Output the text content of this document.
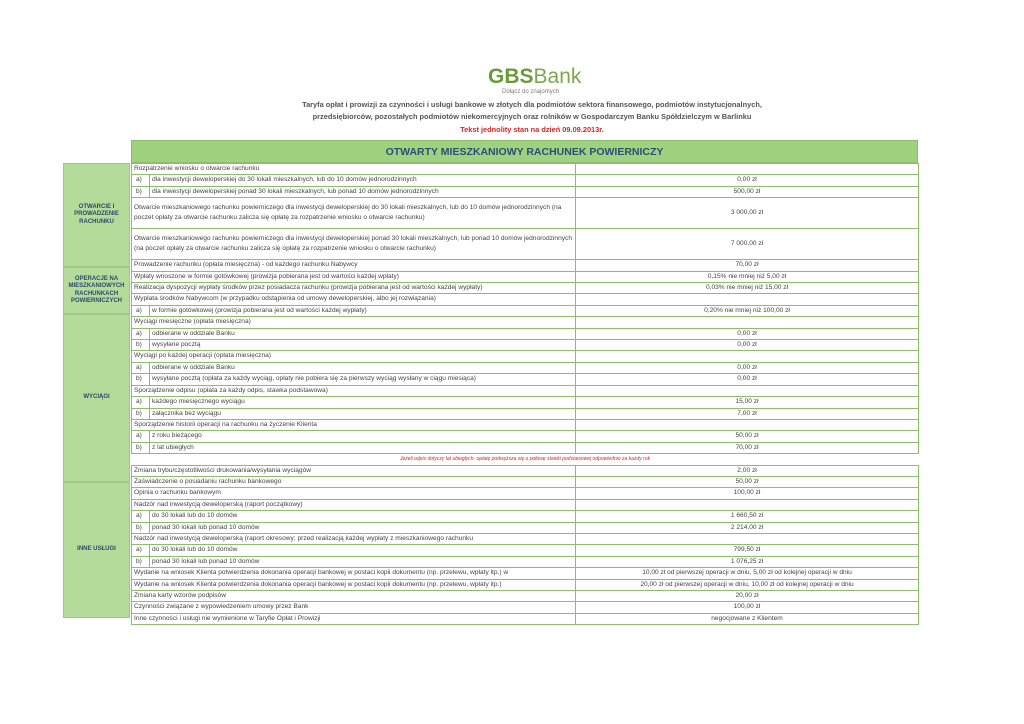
GBSBank
Dołącz do znajomych
Taryfa opłat i prowizji za czynności i usługi bankowe w złotych dla podmiotów sektora finansowego, podmiotów instytucjonalnych,
przedsiębiorców, pozostałych podmiotów niekomercyjnych oraz rolników w Gospodarczym Banku Spółdzielczym w Barlinku
Tekst jednolity stan na dzień 09.09.2013r.
OTWARCIE I PROWADZENIE RACHUNKU
OPERACJE NA MIESZKANIOWYCH RACHUNKACH POWIERNICZYCH
WYCIĄGI
INNE USŁUGI
OTWARTY MIESZKANIOWY RACHUNEK POWIERNICZY
Rozpatrzenie wniosku o otwarcie rachunku		
a)	dla inwestycji deweloperskiej do 30 lokali mieszkalnych, lub do 10 domów jednorodzinnych	0,00 zł
b)	dla inwestycji deweloperskiej ponad 30 lokali mieszkalnych, lub ponad 10 domów jednorodzinnych	500,00 zł
Otwarcie mieszkaniowego rachunku powierniczego dla inwestycji deweloperskiej do 30 lokali mieszkalnych, lub do 10 domów jednorodzinnych (na poczet opłaty za otwarcie rachunku zalicza się opłatę za rozpatrzenie wniosku o otwarcie rachunku)		3 000,00 zł
Otwarcie mieszkaniowego rachunku powierniczego dla inwestycji deweloperskiej ponad 30 lokali mieszkalnych, lub ponad 10 domów jednorodzinnych (na poczet opłaty za otwarcie rachunku zalicza się opłatę za rozpatrzenie wniosku o otwarcie rachunku)		7 000,00 zł
Prowadzenie rachunku (opłata miesięczna) - od każdego rachunku Nabywcy		70,00 zł
Wpłaty wnoszone w formie gotówkowej (prowizja pobierana jest od wartości każdej wpłaty)		0,15% nie mniej niż 5,00 zł
Realizacja dyspozycji wypłaty środków przez posiadacza rachunku (prowizja pobierana jest od wartości każdej wypłaty)		0,03% nie mniej niż 15,00 zł
Wypłata środków Nabywcom (w przypadku odstąpienia od umowy deweloperskiej, albo jej rozwiązania)		
a)	w formie gotówkowej (prowizja pobierana jest od wartości każdej wypłaty)	0,20% nie mniej niż 100,00 zł
Wyciągi miesięczne (opłata miesięczna)		
a)	odbierane w oddziale Banku	0,00 zł
b)	wysyłane pocztą	0,00 zł
Wyciągi po każdej operacji (opłata miesięczna)		
a)	odbierane w oddziale Banku	0,00 zł
b)	wysyłane pocztą (opłata za każdy wyciąg, opłaty nie pobiera się za pierwszy wyciąg wysłany w ciągu miesiąca)	0,00 zł
Sporządzenie odpisu (opłata za każdy odpis, stawka podstawowa)		
a)	każdego miesięcznego wyciągu	15,00 zł
b)	załącznika bez wyciągu	7,00 zł
Sporządzenie historii operacji na rachunku na życzenie Klienta		
a)	z roku bieżącego	50,00 zł
b)	z lat ubiegłych	70,00 zł
Jeżeli odpis dotyczy lat ubiegłych- opłatę podwyższa się o połowę stawki podstawowej odpowiednio za każdy rok		
Zmiana trybu/częstotliwości drukowania/wysyłania wyciągów		2,00 zł
Zaświadczenie o posiadaniu rachunku bankowego		50,00 zł
Opinia o rachunku bankowym		100,00 zł
Nadzór nad inwestycją deweloperską (raport początkowy)		
a)	do 30 lokali lub do 10 domów	1 660,50 zł
b)	ponad 30 lokali lub ponad 10 domów	2 214,00 zł
Nadzór nad inwestycją deweloperską (raport okresowy; przed realizacją każdej wypłaty z mieszkaniowego rachunku		
a)	do 30 lokali lub do 10 domów	799,50 zł
b)	ponad 30 lokali lub ponad 10 domów	1 076,25 zł
Wydanie na wniosek Klienta potwierdzenia dokonania operacji bankowej w postaci kopii dokumentu (np. przelewu, wpłaty itp.) w		10,00 zł od pierwszej operacji w dniu, 5,00 zł od kolejnej operacji w dniu
Wydanie na wniosek Klienta potwierdzenia dokonania operacji bankowej w postaci kopii dokumentu (np. przelewu, wpłaty itp.)		20,00 zł od pierwszej operacji w dniu, 10,00 zł od kolejnej operacji w dniu
Zmiana karty wzorów podpisów		20,00 zł
Czynności związane z wypowiedzeniem umowy przez Bank		100,00 zł
Inne czynności i usługi nie wymienione w Taryfie Opłat i Prowizji		negocjowane z Klientem
